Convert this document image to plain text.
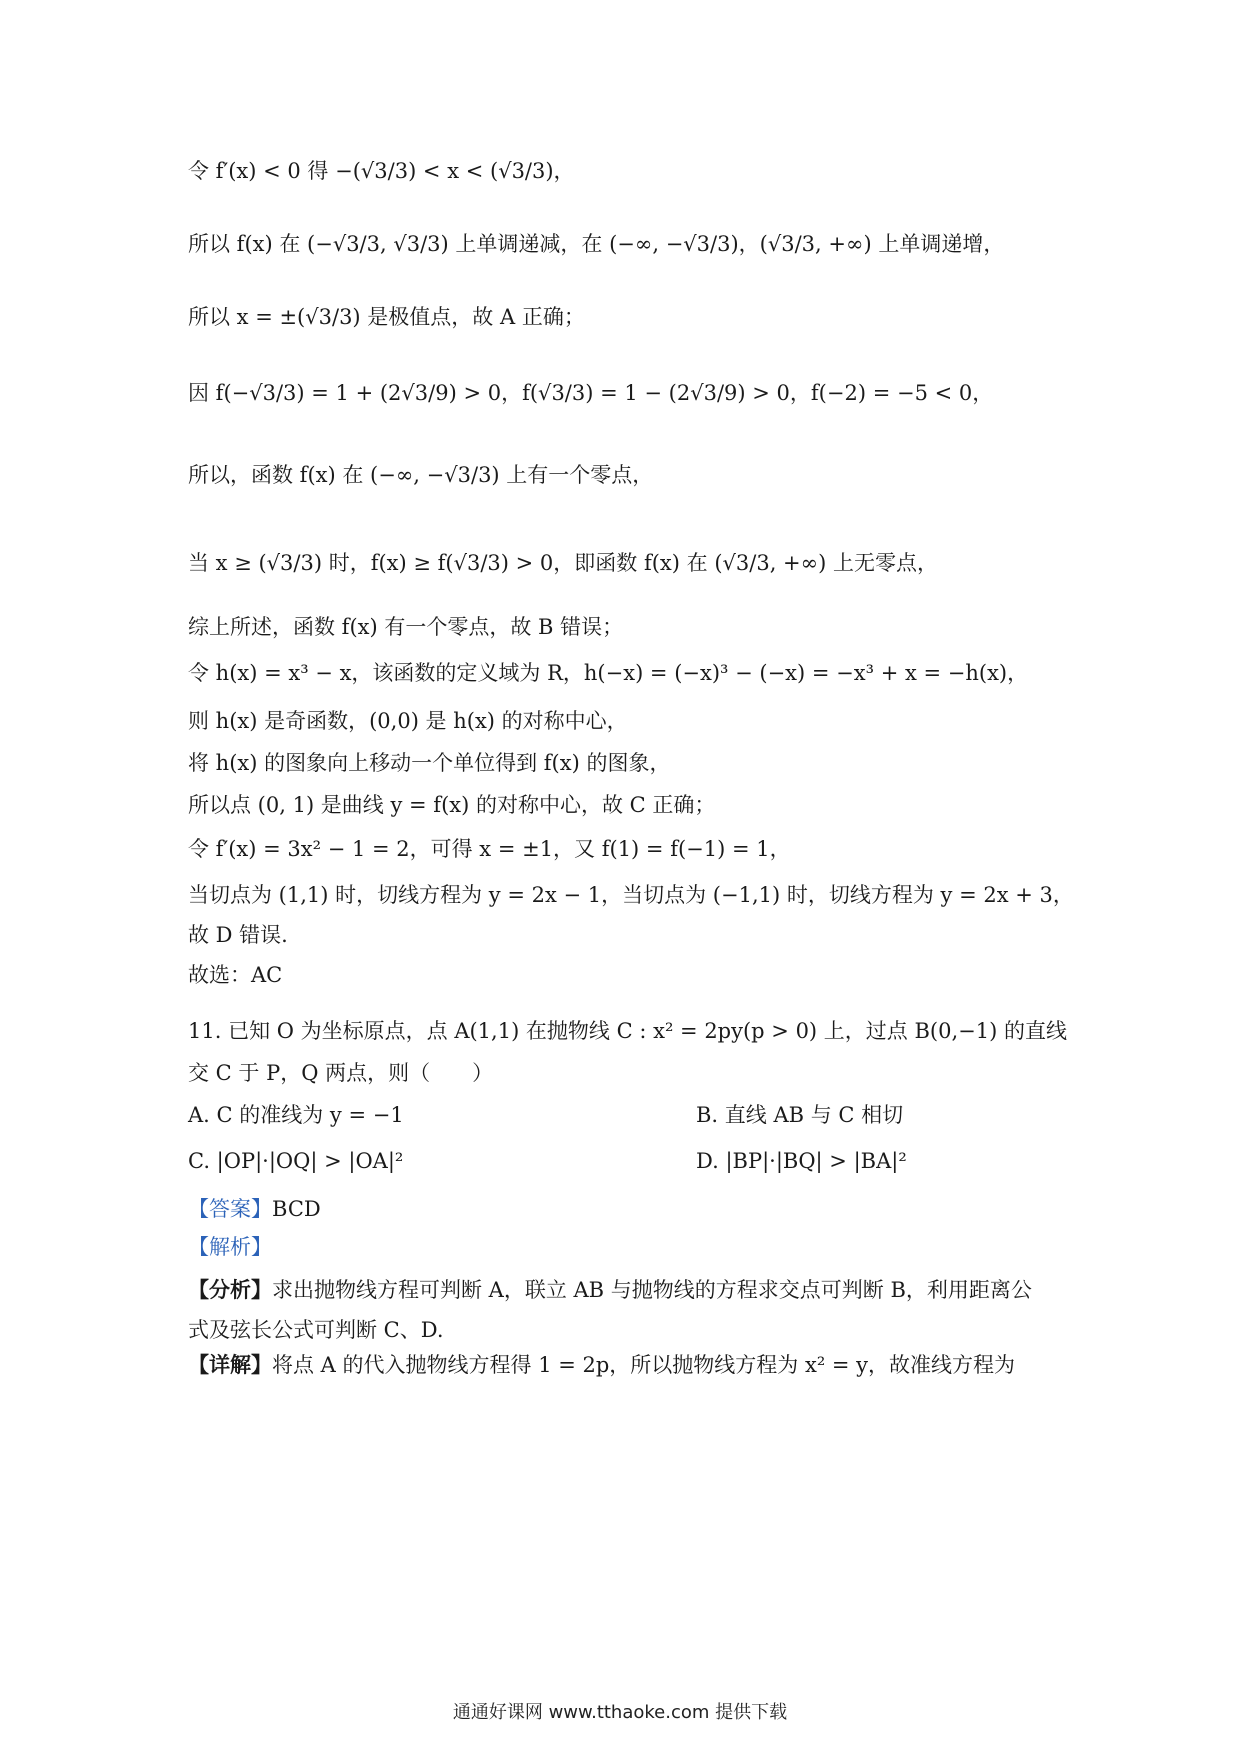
令 f′(x) < 0 得 −(√3/3) < x < (√3/3)，
所以 f(x) 在 (−√3/3, √3/3) 上单调递减，在 (−∞, −√3/3)，(√3/3, +∞) 上单调递增，
所以 x = ±(√3/3) 是极值点，故 A 正确；
因 f(−√3/3) = 1 + (2√3/9) > 0，f(√3/3) = 1 − (2√3/9) > 0，f(−2) = −5 < 0，
所以，函数 f(x) 在 (−∞, −√3/3) 上有一个零点，
当 x ≥ (√3/3) 时，f(x) ≥ f(√3/3) > 0，即函数 f(x) 在 (√3/3, +∞) 上无零点，
综上所述，函数 f(x) 有一个零点，故 B 错误；
令 h(x) = x³ − x，该函数的定义域为 R，h(−x) = (−x)³ − (−x) = −x³ + x = −h(x)，
则 h(x) 是奇函数，(0,0) 是 h(x) 的对称中心，
将 h(x) 的图象向上移动一个单位得到 f(x) 的图象，
所以点 (0, 1) 是曲线 y = f(x) 的对称中心，故 C 正确；
令 f′(x) = 3x² − 1 = 2，可得 x = ±1，又 f(1) = f(−1) = 1，
当切点为 (1,1) 时，切线方程为 y = 2x − 1，当切点为 (−1,1) 时，切线方程为 y = 2x + 3，
故 D 错误.
故选：AC
11. 已知 O 为坐标原点，点 A(1,1) 在抛物线 C : x² = 2py(p > 0) 上，过点 B(0,−1) 的直线
交 C 于 P，Q 两点，则（　　）
A. C 的准线为 y = −1	B. 直线 AB 与 C 相切
C. |OP|·|OQ| > |OA|²	D. |BP|·|BQ| > |BA|²
【答案】BCD
【解析】
【分析】求出抛物线方程可判断 A，联立 AB 与抛物线的方程求交点可判断 B，利用距离公式及弦长公式可判断 C、D.
【详解】将点 A 的代入抛物线方程得 1 = 2p，所以抛物线方程为 x² = y，故准线方程为
通通好课网 www.tthaoke.com 提供下载
